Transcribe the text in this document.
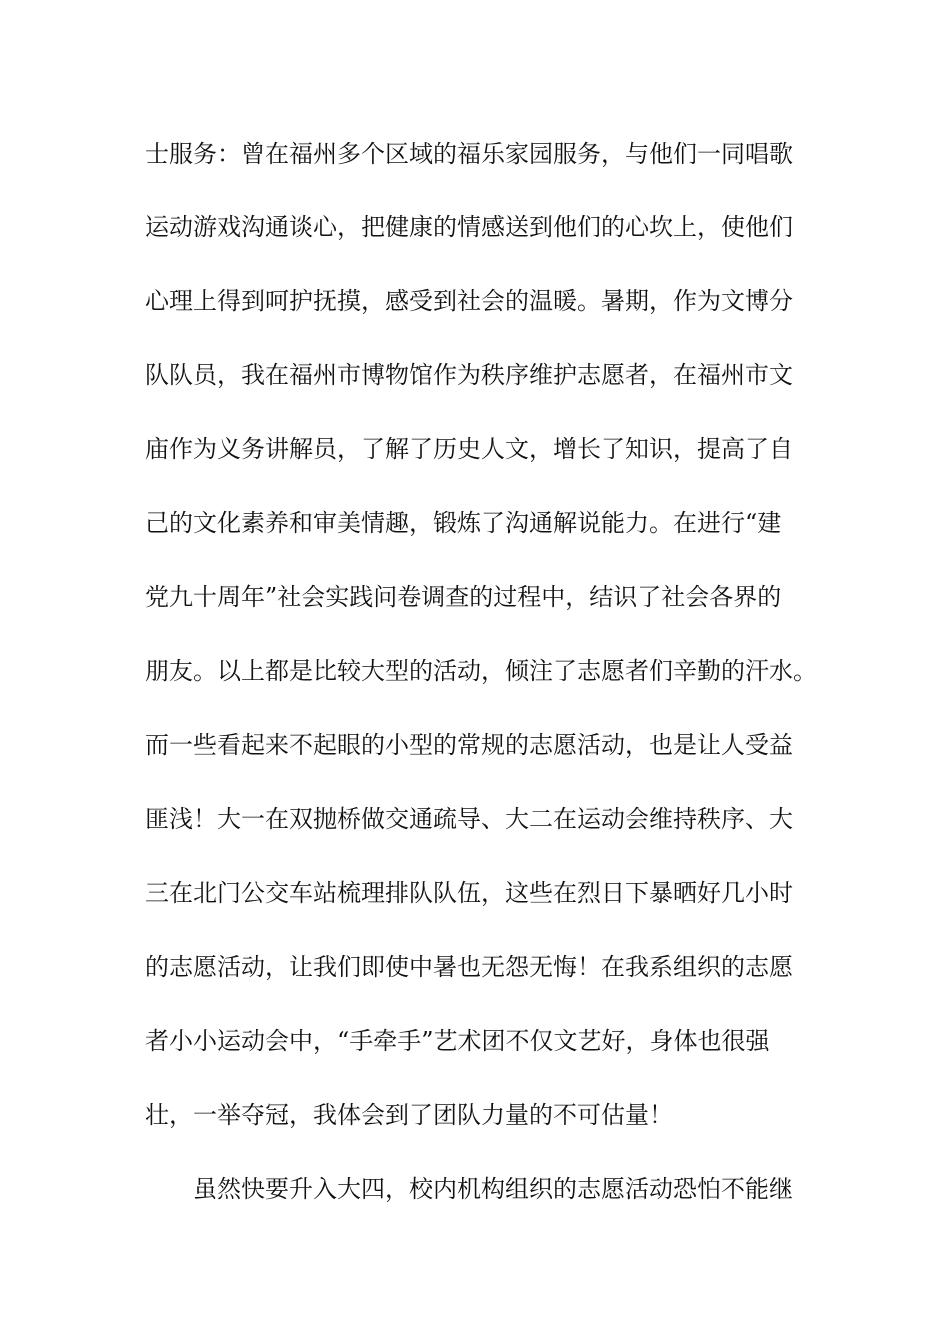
士服务：曾在福州多个区域的福乐家园服务，与他们一同唱歌
运动游戏沟通谈心，把健康的情感送到他们的心坎上，使他们
心理上得到呵护抚摸，感受到社会的温暖。暑期，作为文博分
队队员，我在福州市博物馆作为秩序维护志愿者，在福州市文
庙作为义务讲解员，了解了历史人文，增长了知识，提高了自
己的文化素养和审美情趣，锻炼了沟通解说能力。在进行“建
党九十周年”社会实践问卷调查的过程中，结识了社会各界的
朋友。以上都是比较大型的活动，倾注了志愿者们辛勤的汗水。
而一些看起来不起眼的小型的常规的志愿活动，也是让人受益
匪浅！大一在双抛桥做交通疏导、大二在运动会维持秩序、大
三在北门公交车站梳理排队队伍，这些在烈日下暴晒好几小时
的志愿活动，让我们即使中暑也无怨无悔！在我系组织的志愿
者小小运动会中，“手牵手”艺术团不仅文艺好，身体也很强
壮，一举夺冠，我体会到了团队力量的不可估量！
虽然快要升入大四，校内机构组织的志愿活动恐怕不能继
